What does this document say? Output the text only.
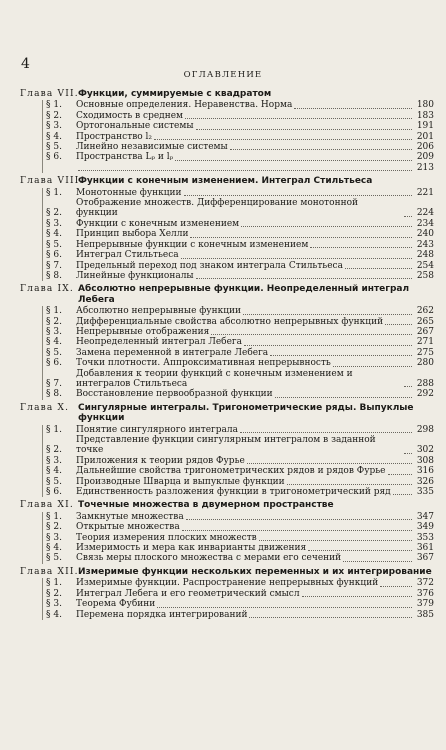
4
ОГЛАВЛЕНИЕ
Глава VII. Функции, суммируемые с квадратом
§ 1.	Основные определения. Неравенства. Норма	180
§ 2.	Сходимость в среднем	183
§ 3.	Ортогональные системы	191
§ 4.	Пространство l₂	201
§ 5.	Линейно независимые системы	206
§ 6.	Пространства Lₚ и lₚ	209
213
Глава VIII.
Функции с конечным изменением. Интеграл Стильтьеса
§ 1.	Монотонные функции	221
§ 2.
Отображение множеств. Дифференцирование монотонной функции	224
§ 3.	Функции с конечным изменением	234
§ 4.	Принцип выбора Хелли	240
§ 5.	Непрерывные функции с конечным изменением	243
§ 6.	Интеграл Стильтьеса	248
§ 7.	Предельный переход под знаком интеграла Стильтьеса	254
§ 8.	Линейные функционалы	258
Глава IX. Абсолютно непрерывные функции. Неопределенный интеграл Лебега
§ 1.	Абсолютно непрерывные функции	262
§ 2.	Дифференциальные свойства абсолютно непрерывных функций	265
§ 3.	Непрерывные отображения	267
§ 4.	Неопределенный интеграл Лебега	271
§ 5.	Замена переменной в интеграле Лебега	275
§ 6.	Точки плотности. Аппроксимативная непрерывность	280
§ 7.
Добавления к теории функций с конечным изменением и интегралов Стильтьеса	288
§ 8.	Восстановление первообразной функции	292
Глава X. Сингулярные интегралы. Тригонометрические ряды. Выпуклые функции
§ 1.	Понятие сингулярного интеграла	298
§ 2.
Представление функции сингулярным интегралом в заданной точке	302
§ 3.	Приложения к теории рядов Фурье	308
§ 4.	Дальнейшие свойства тригонометрических рядов и рядов Фурье	316
§ 5.	Производные Шварца и выпуклые функции	326
§ 6.	Единственность разложения функции в тригонометрический ряд	335
Глава XI. Точечные множества в двумерном пространстве
§ 1.	Замкнутые множества	347
§ 2.	Открытые множества	349
§ 3.	Теория измерения плоских множеств	353
§ 4.	Измеримость и мера как инварианты движения	361
§ 5.	Связь меры плоского множества с мерами его сечений	367
Глава XII. Измеримые функции нескольких переменных и их интегрирование
§ 1.	Измеримые функции. Распространение непрерывных функций	372
§ 2.	Интеграл Лебега и его геометрический смысл	376
§ 3.	Теорема Фубини	379
§ 4.	Перемена порядка интегрирований	385
